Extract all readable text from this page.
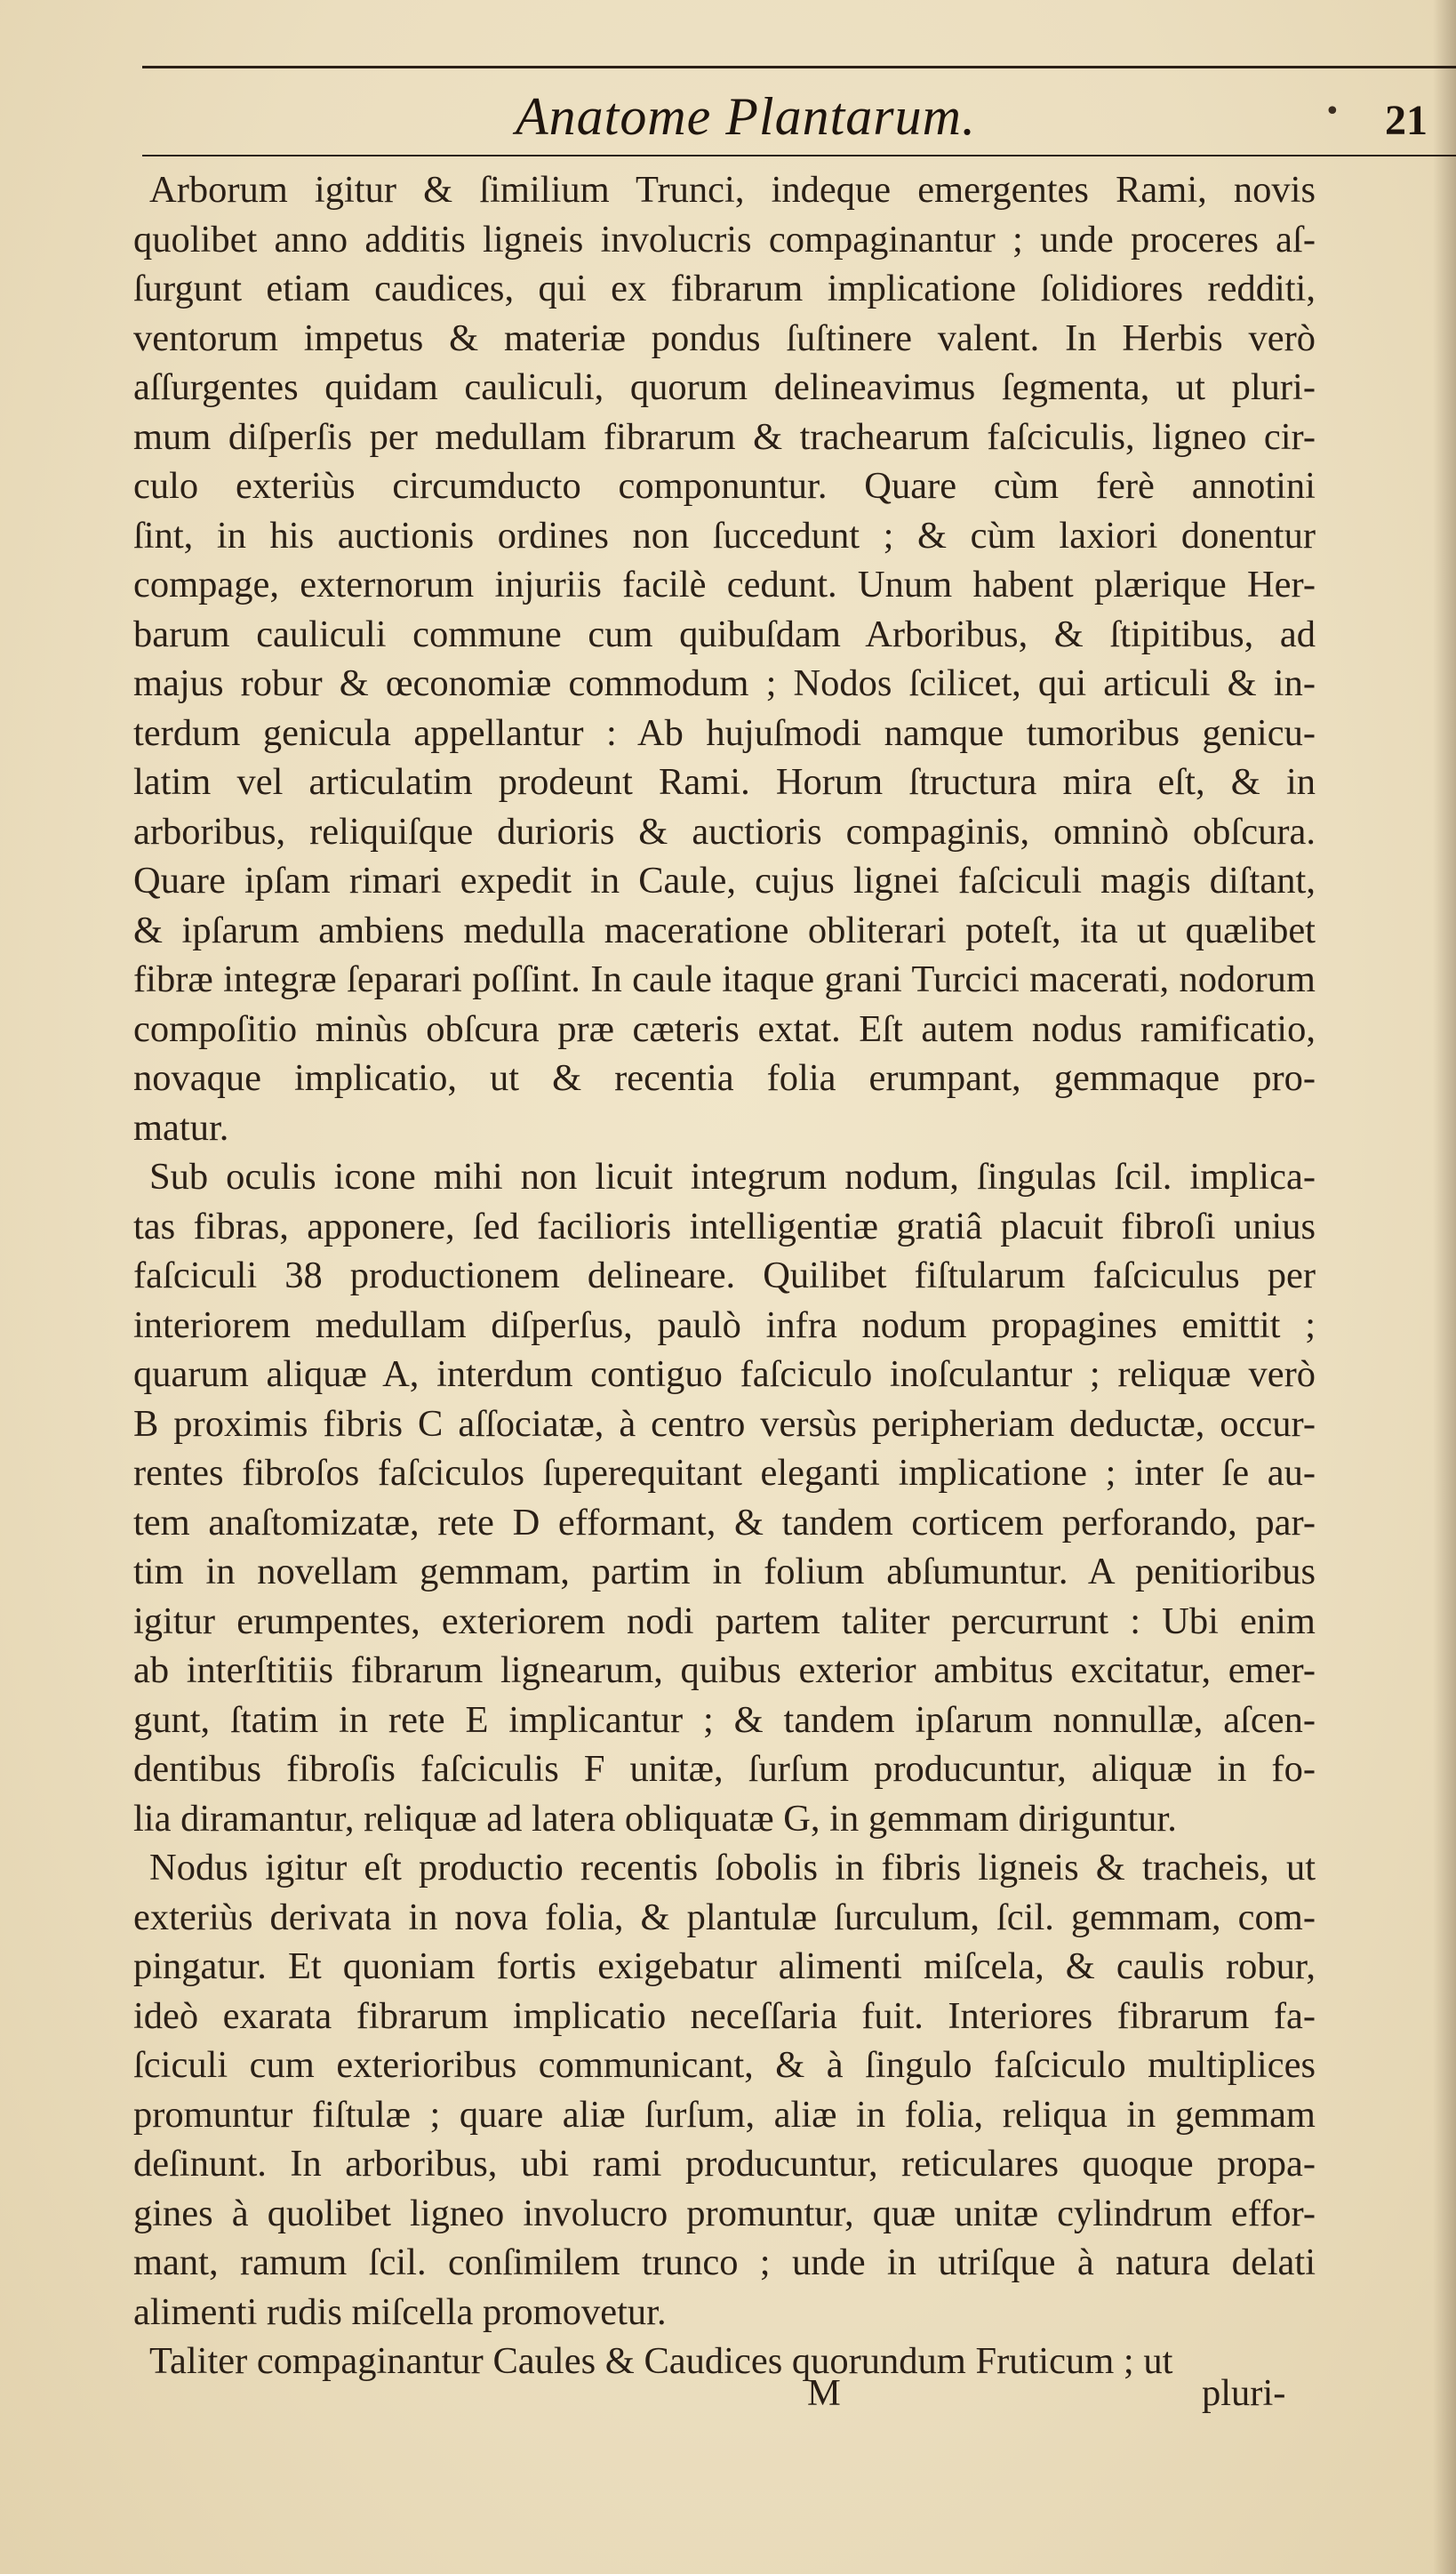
Anatome Plantarum.	• 21
Arborum igitur & ſimilium Trunci, indeque emergentes Rami, novis
quolibet anno additis ligneis involucris compaginantur ; unde proceres aſ-
ſurgunt etiam caudices, qui ex fibrarum implicatione ſolidiores redditi,
ventorum impetus & materiæ pondus ſuſtinere valent. In Herbis verò
aſſurgentes quidam cauliculi, quorum delineavimus ſegmenta, ut pluri-
mum diſperſis per medullam fibrarum & trachearum faſciculis, ligneo cir-
culo exteriùs circumducto componuntur. Quare cùm ferè annotini
ſint, in his auctionis ordines non ſuccedunt ; & cùm laxiori donentur
compage, externorum injuriis facilè cedunt. Unum habent plærique Her-
barum cauliculi commune cum quibuſdam Arboribus, & ſtipitibus, ad
majus robur & œconomiæ commodum ; Nodos ſcilicet, qui articuli & in-
terdum genicula appellantur : Ab hujuſmodi namque tumoribus genicu-
latim vel articulatim prodeunt Rami. Horum ſtructura mira eſt, & in
arboribus, reliquiſque durioris & auctioris compaginis, omninò obſcura.
Quare ipſam rimari expedit in Caule, cujus lignei faſciculi magis diſtant,
& ipſarum ambiens medulla maceratione obliterari poteſt, ita ut quælibet
fibræ integræ ſeparari poſſint. In caule itaque grani Turcici macerati, nodorum
compoſitio minùs obſcura præ cæteris extat. Eſt autem nodus ramificatio,
novaque implicatio, ut & recentia folia erumpant, gemmaque pro-
matur.
Sub oculis icone mihi non licuit integrum nodum, ſingulas ſcil. implica-
tas fibras, apponere, ſed facilioris intelligentiæ gratiâ placuit fibroſi unius
faſciculi 38 productionem delineare. Quilibet fiſtularum faſciculus per
interiorem medullam diſperſus, paulò infra nodum propagines emittit ;
quarum aliquæ A, interdum contiguo faſciculo inoſculantur ; reliquæ verò
B proximis fibris C aſſociatæ, à centro versùs peripheriam deductæ, occur-
rentes fibroſos faſciculos ſuperequitant eleganti implicatione ; inter ſe au-
tem anaſtomizatæ, rete D efformant, & tandem corticem perforando, par-
tim in novellam gemmam, partim in folium abſumuntur. A penitioribus
igitur erumpentes, exteriorem nodi partem taliter percurrunt : Ubi enim
ab interſtitiis fibrarum lignearum, quibus exterior ambitus excitatur, emer-
gunt, ſtatim in rete E implicantur ; & tandem ipſarum nonnullæ, aſcen-
dentibus fibroſis faſciculis F unitæ, ſurſum producuntur, aliquæ in fo-
lia diramantur, reliquæ ad latera obliquatæ G, in gemmam diriguntur.
Nodus igitur eſt productio recentis ſobolis in fibris ligneis & tracheis, ut
exteriùs derivata in nova folia, & plantulæ ſurculum, ſcil. gemmam, com-
pingatur. Et quoniam fortis exigebatur alimenti miſcela, & caulis robur,
ideò exarata fibrarum implicatio neceſſaria fuit. Interiores fibrarum fa-
ſciculi cum exterioribus communicant, & à ſingulo faſciculo multiplices
promuntur fiſtulæ ; quare aliæ ſurſum, aliæ in folia, reliqua in gemmam
deſinunt. In arboribus, ubi rami producuntur, reticulares quoque propa-
gines à quolibet ligneo involucro promuntur, quæ unitæ cylindrum effor-
mant, ramum ſcil. conſimilem trunco ; unde in utriſque à natura delati
alimenti rudis miſcella promovetur.
Taliter compaginantur Caules & Caudices quorundum Fruticum ; ut
M	pluri-
